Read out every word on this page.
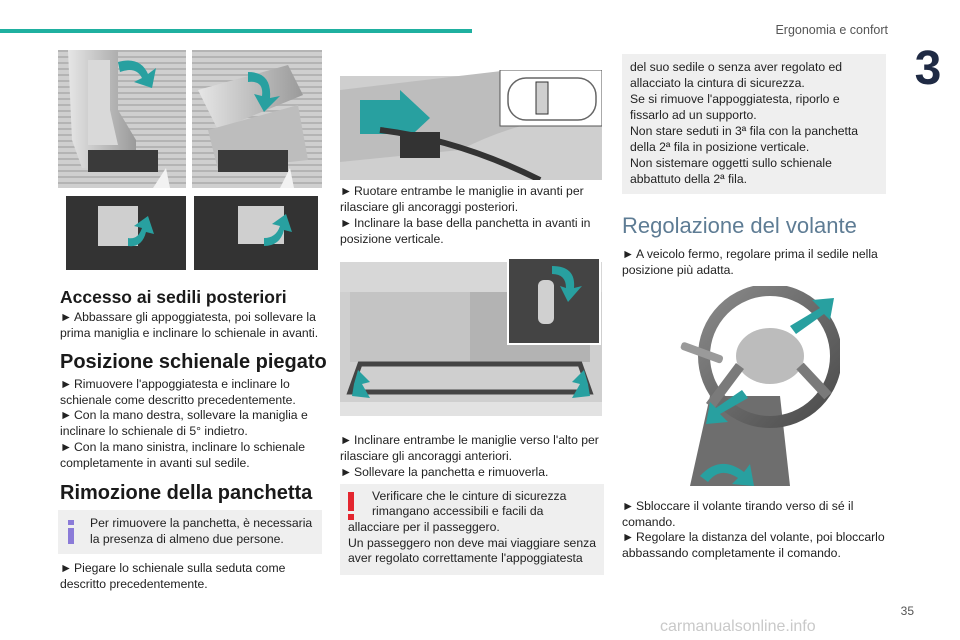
Ergonomia e confort
3
Accesso ai sedili posteriori
► Abbassare gli appoggiatesta, poi sollevare la prima maniglia e inclinare lo schienale in avanti.
Posizione schienale piegato
► Rimuovere l'appoggiatesta e inclinare lo schienale come descritto precedentemente.
► Con la mano destra, sollevare la maniglia e inclinare lo schienale di 5° indietro.
► Con la mano sinistra, inclinare lo schienale completamente in avanti sul sedile.
Rimozione della panchetta
Per rimuovere la panchetta, è necessaria la presenza di almeno due persone.
► Piegare lo schienale sulla seduta come descritto precedentemente.
► Ruotare entrambe le maniglie in avanti per rilasciare gli ancoraggi posteriori.
► Inclinare la base della panchetta in avanti in posizione verticale.
► Inclinare entrambe le maniglie verso l'alto per rilasciare gli ancoraggi anteriori.
► Sollevare la panchetta e rimuoverla.
Verificare che le cinture di sicurezza
rimangano accessibili e facili da
allacciare per il passeggero.
Un passeggero non deve mai viaggiare senza
aver regolato correttamente l'appoggiatesta
del suo sedile o senza aver regolato ed allacciato la cintura di sicurezza.
Se si rimuove l'appoggiatesta, riporlo e fissarlo ad un supporto.
Non stare seduti in 3ª fila con la panchetta della 2ª fila in posizione verticale.
Non sistemare oggetti sullo schienale abbattuto della 2ª fila.
Regolazione del volante
► A veicolo fermo, regolare prima il sedile nella posizione più adatta.
► Sbloccare il volante tirando verso di sé il comando.
► Regolare la distanza del volante, poi bloccarlo abbassando completamente il comando.
35
carmanualsonline.info
